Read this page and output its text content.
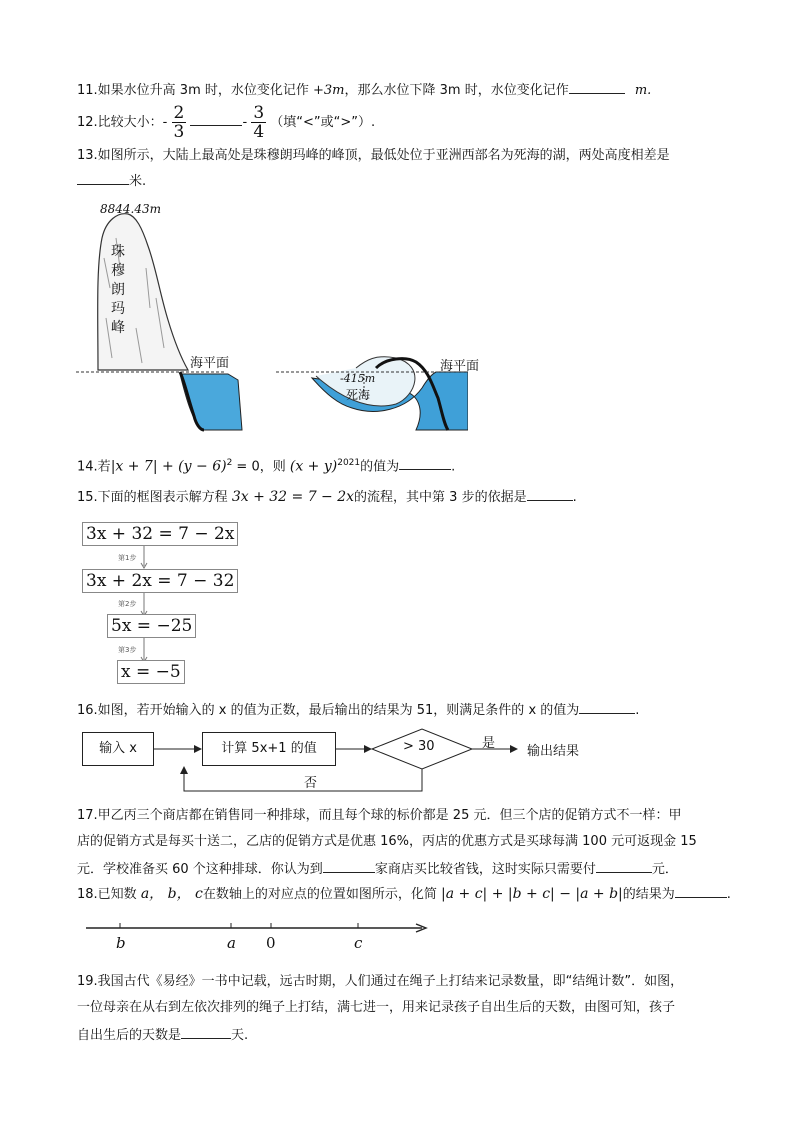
11.如果水位升高 3m 时，水位变化记作 +3m，那么水位下降 3m 时，水位变化记作	m.
12.比较大小：- $\frac{2}{3}$	- $\frac{3}{4}$ （填“<”或“>”）.
13.如图所示，大陆上最高处是珠穆朗玛峰的峰顶，最低处位于亚洲西部名为死海的湖，两处高度相差是
米.
8844.43m
珠
穆
朗
玛
峰
海平面	海平面
-415m
死海
14.若$|x + 7| + (y - 6)^2 = 0$，则 $(x + y)^{2021}$的值为	.
15.下面的框图表示解方程 3x + 32 = 7 − 2x的流程，其中第 3 步的依据是	.
3x + 32 = 7 − 2x
第1步
3x + 2x = 7 − 32
第2步
5x = −25
第3步
x = −5
16.如图，若开始输入的 x 的值为正数，最后输出的结果为 51，则满足条件的 x 的值为	.
输入 x	计算 5x+1 的值	> 30	是
输出结果
否
17.甲乙丙三个商店都在销售同一种排球，而且每个球的标价都是 25 元．但三个店的促销方式不一样：甲
店的促销方式是每买十送二，乙店的促销方式是优惠 16%，丙店的优惠方式是买球每满 100 元可返现金 15
元．学校准备买 60 个这种排球．你认为到	家商店买比较省钱，这时实际只需要付	元．
18.已知数 a， b， c在数轴上的对应点的位置如图所示，化简 |a + c| + |b + c| − |a + b|的结果为	.
b	a 0	c
19.我国古代《易经》一书中记载，远古时期，人们通过在绳子上打结来记录数量，即“结绳计数”．如图，
一位母亲在从右到左依次排列的绳子上打结，满七进一，用来记录孩子自出生后的天数，由图可知，孩子
自出生后的天数是	天.
